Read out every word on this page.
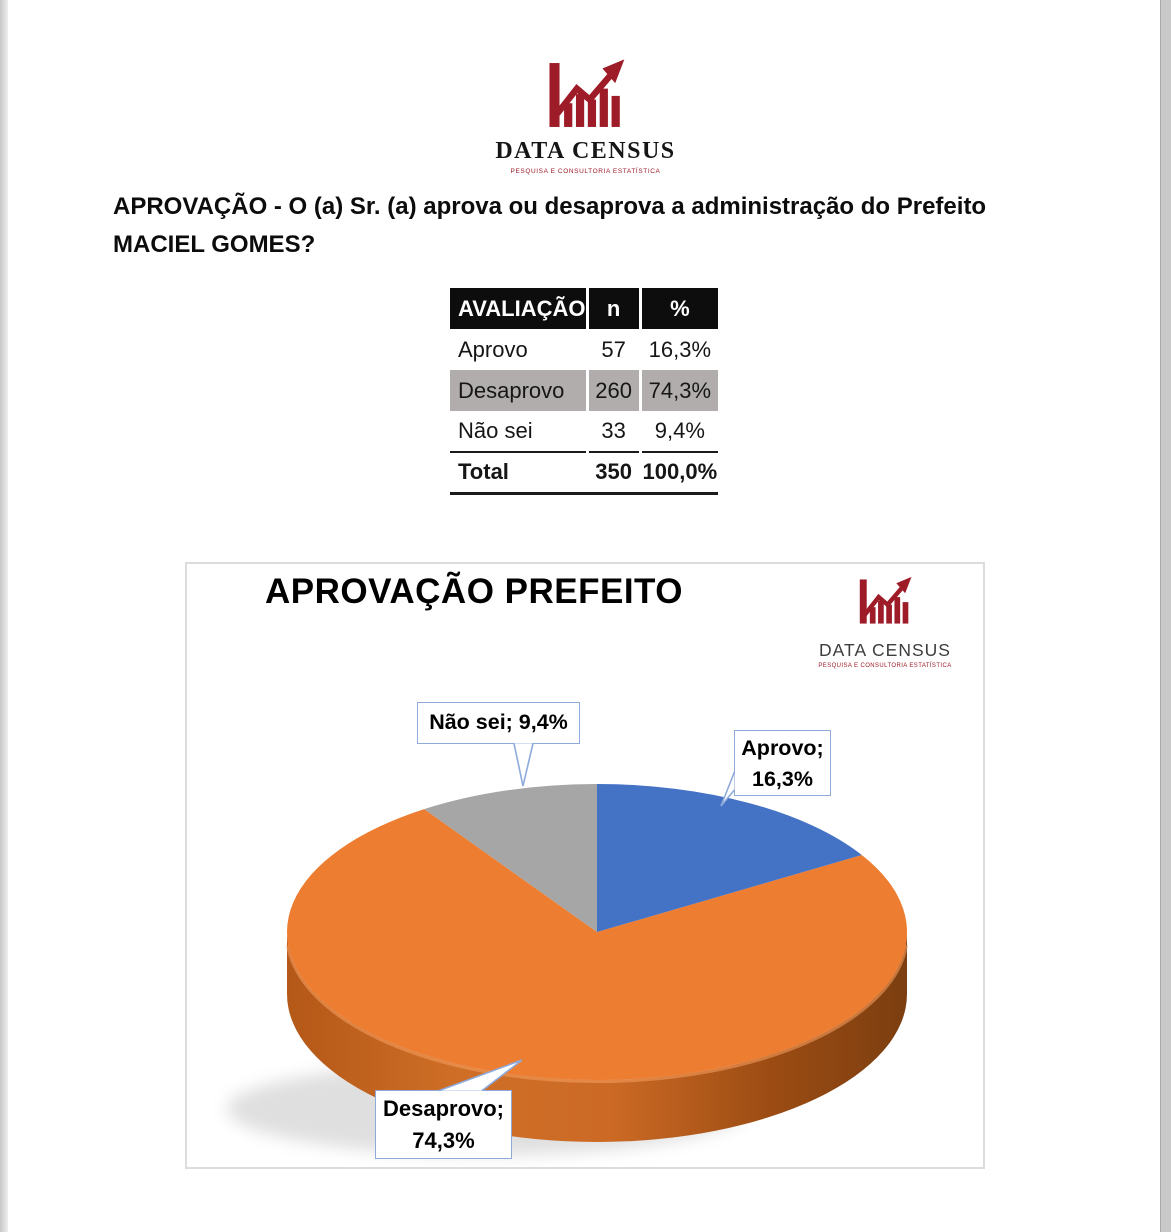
DATA CENSUS
PESQUISA E CONSULTORIA ESTATÍSTICA
APROVAÇÃO - O (a) Sr. (a) aprova ou desaprova a administração do Prefeito MACIEL GOMES?
AVALIAÇÃO	n	%
Aprovo	57	16,3%
Desaprovo	260	74,3%
Não sei	33	9,4%
Total	350	100,0%
APROVAÇÃO PREFEITO
DATA CENSUS
PESQUISA E CONSULTORIA ESTATÍSTICA
Não sei; 9,4%
Aprovo;
16,3%
Desaprovo;
74,3%
